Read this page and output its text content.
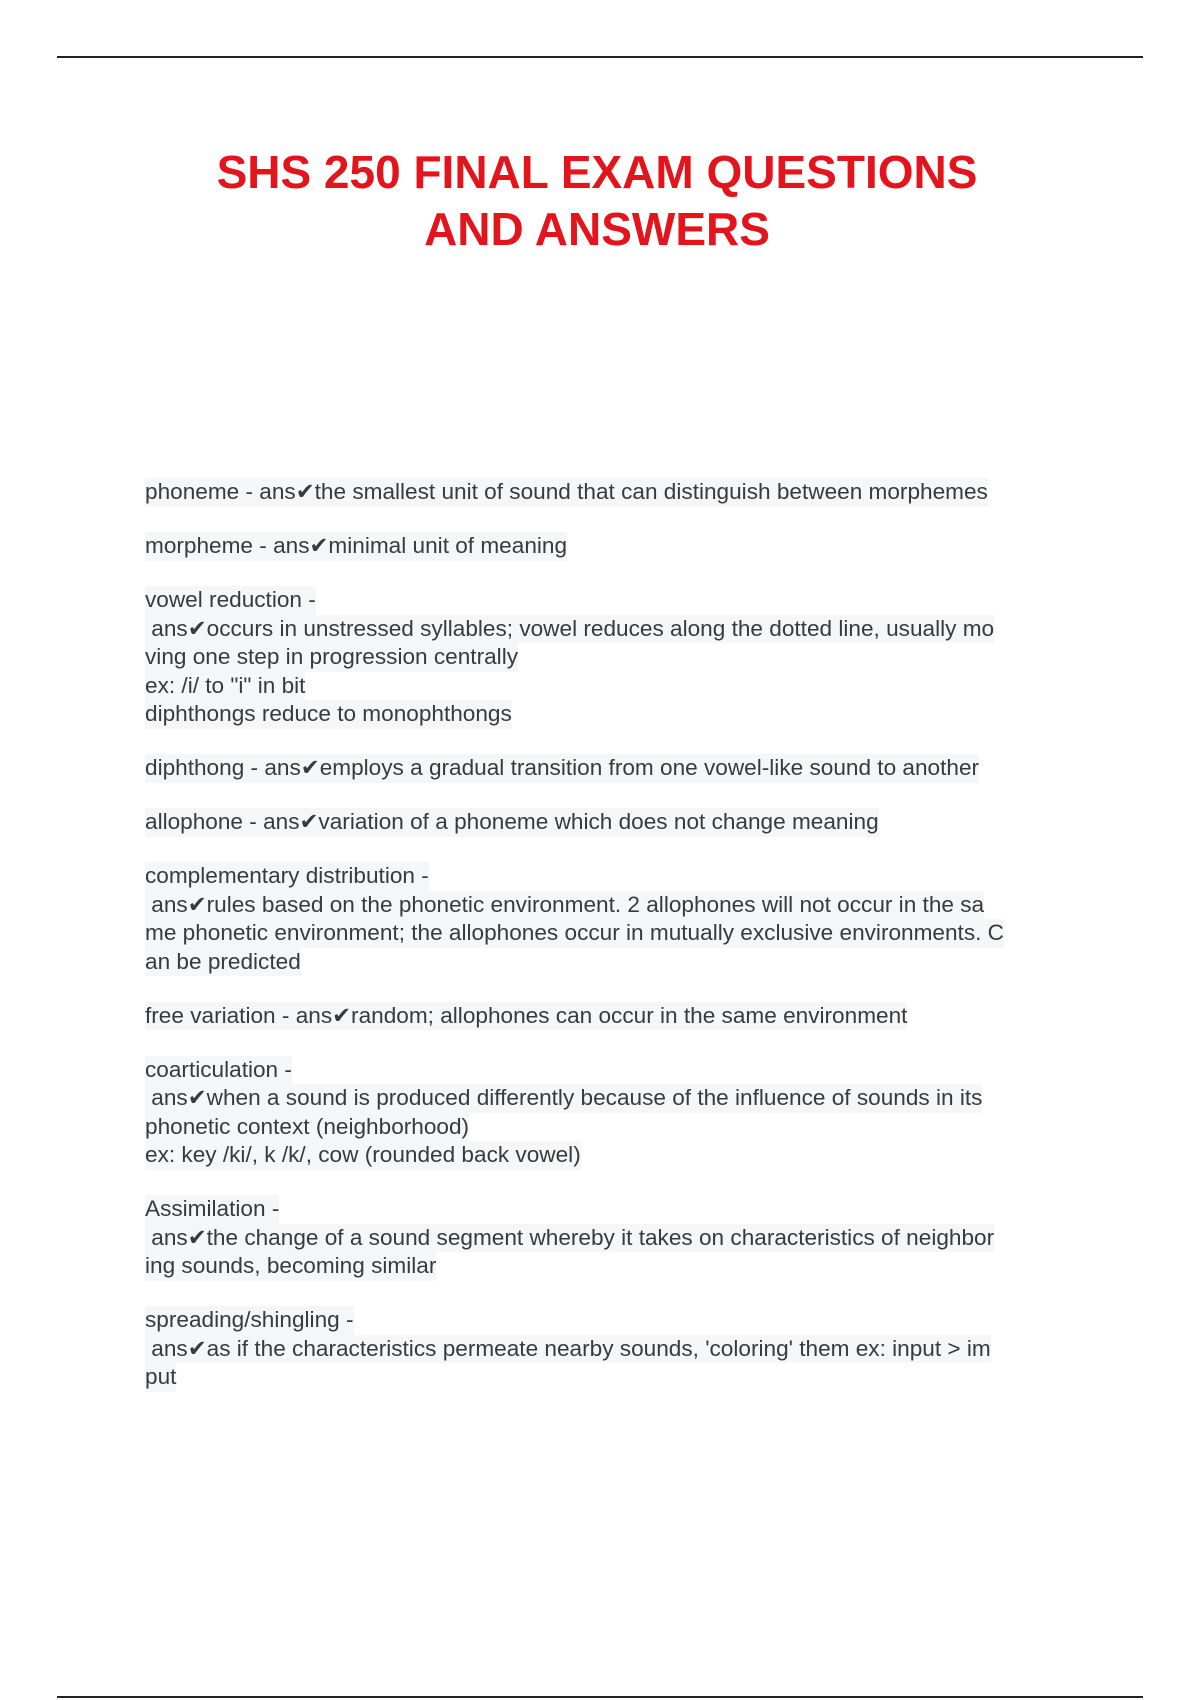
SHS 250 FINAL EXAM QUESTIONS
AND ANSWERS
phoneme - ans✔the smallest unit of sound that can distinguish between morphemes
morpheme - ans✔minimal unit of meaning
vowel reduction -
ans✔occurs in unstressed syllables; vowel reduces along the dotted line, usually mo
ving one step in progression centrally
ex: /i/ to "i" in bit
diphthongs reduce to monophthongs
diphthong - ans✔employs a gradual transition from one vowel-like sound to another
allophone - ans✔variation of a phoneme which does not change meaning
complementary distribution -
ans✔rules based on the phonetic environment. 2 allophones will not occur in the sa
me phonetic environment; the allophones occur in mutually exclusive environments. C
an be predicted
free variation - ans✔random; allophones can occur in the same environment
coarticulation -
ans✔when a sound is produced differently because of the influence of sounds in its
phonetic context (neighborhood)
ex: key /ki/, k /k/, cow (rounded back vowel)
Assimilation -
ans✔the change of a sound segment whereby it takes on characteristics of neighbor
ing sounds, becoming similar
spreading/shingling -
ans✔as if the characteristics permeate nearby sounds, 'coloring' them ex: input > im
put
